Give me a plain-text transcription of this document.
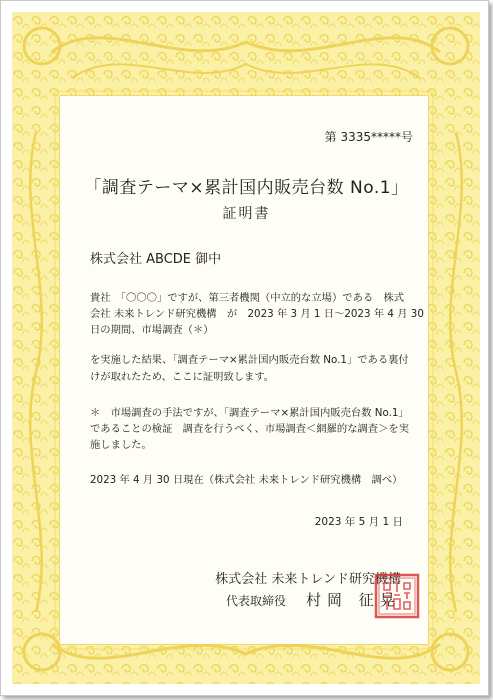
第 3335*****号
「調査テーマ×累計国内販売台数 No.1」
証明書
株式会社 ABCDE 御中
貴社　「〇〇〇」ですが、第三者機関（中立的な立場）である　株式
会社 未来トレンド研究機構　が　2023 年 3 月 1 日〜2023 年 4 月 30
日の期間、市場調査（＊）
を実施した結果、「調査テーマ×累計国内販売台数 No.1」である裏付
けが取れたため、ここに証明致します。
＊　市場調査の手法ですが、「調査テーマ×累計国内販売台数 No.1」
であることの検証　調査を行うべく、市場調査＜網羅的な調査＞を実
施しました。
2023 年 4 月 30 日現在（株式会社 未来トレンド研究機構　調べ）
2023 年 5 月 1 日
株式会社 未来トレンド研究機構
代表取締役 村岡 征晃
